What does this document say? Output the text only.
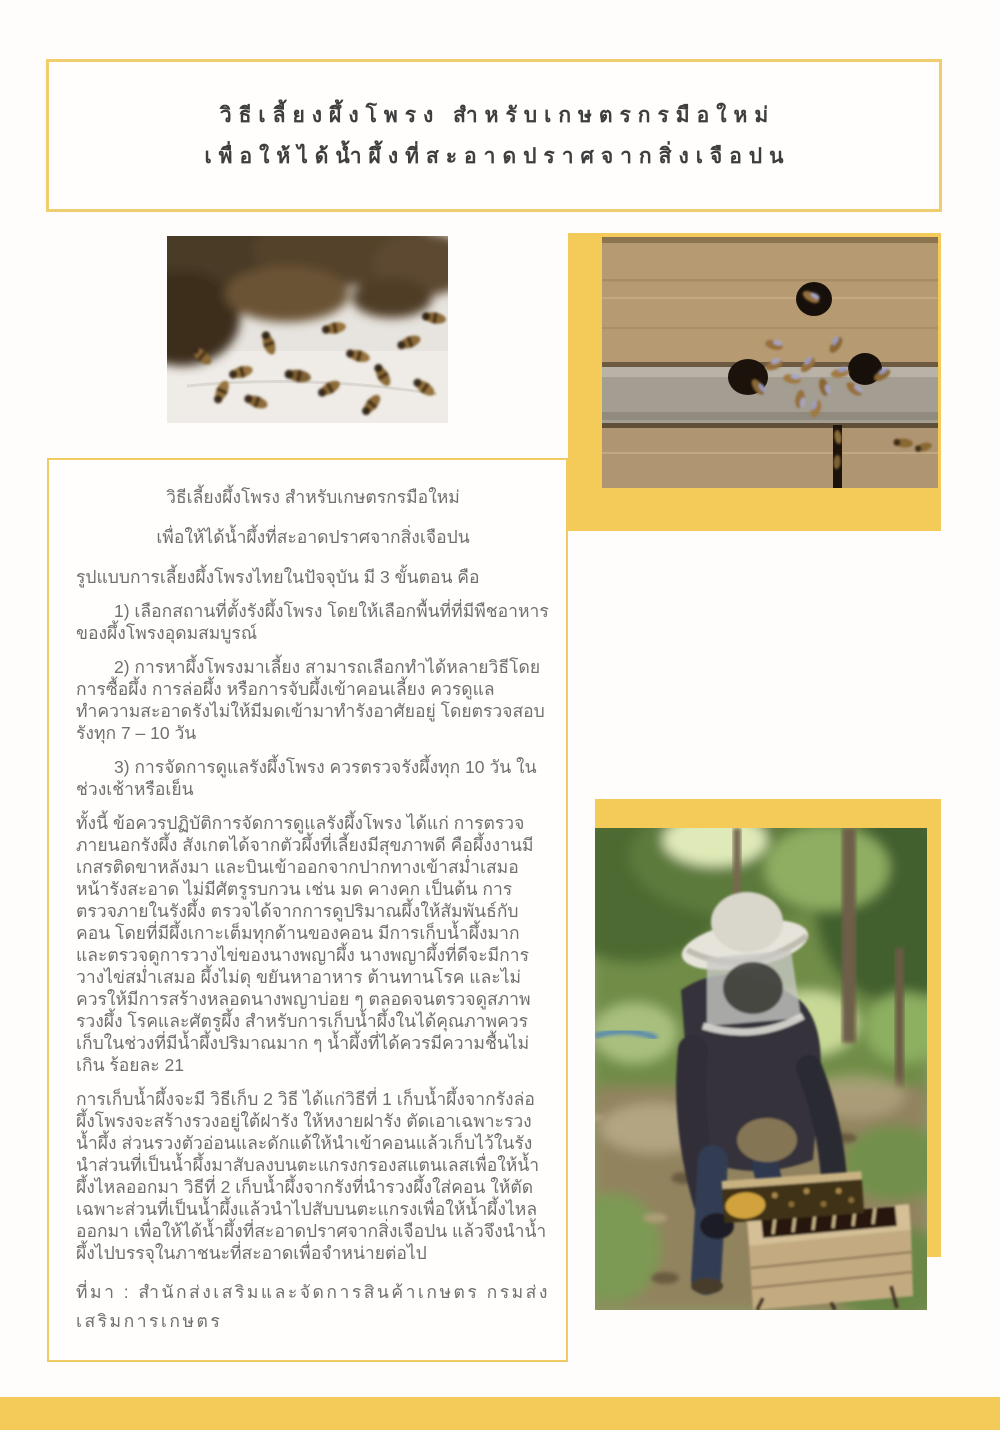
วิธีเลี้ยงผึ้งโพรง สำหรับเกษตรกรมือใหม่
เพื่อให้ได้น้ำผึ้งที่สะอาดปราศจากสิ่งเจือปน

วิธีเลี้ยงผึ้งโพรง สำหรับเกษตรกรมือใหม่

เพื่อให้ได้น้ำผึ้งที่สะอาดปราศจากสิ่งเจือปน

รูปแบบการเลี้ยงผึ้งโพรงไทยในปัจจุบัน มี 3 ขั้นตอน คือ

1) เลือกสถานที่ตั้งรังผึ้งโพรง โดยให้เลือกพื้นที่ที่มีพืชอาหารของผึ้งโพรงอุดมสมบูรณ์

2) การหาผึ้งโพรงมาเลี้ยง สามารถเลือกทำได้หลายวิธีโดยการซื้อผึ้ง การล่อผึ้ง หรือการจับผึ้งเข้าคอนเลี้ยง ควรดูแลทำความสะอาดรังไม่ให้มีมดเข้ามาทำรังอาศัยอยู่ โดยตรวจสอบรังทุก 7 – 10 วัน

3) การจัดการดูแลรังผึ้งโพรง ควรตรวจรังผึ้งทุก 10 วัน ในช่วงเช้าหรือเย็น

ทั้งนี้ ข้อควรปฏิบัติการจัดการดูแลรังผึ้งโพรง ได้แก่ การตรวจภายนอกรังผึ้ง สังเกตได้จากตัวผึ้งที่เลี้ยงมีสุขภาพดี คือผึ้งงานมีเกสรติดขาหลังมา และบินเข้าออกจากปากทางเข้าสม่ำเสมอ หน้ารังสะอาด ไม่มีศัตรูรบกวน เช่น มด คางคก เป็นต้น การตรวจภายในรังผึ้ง ตรวจได้จากการดูปริมาณผึ้งให้สัมพันธ์กับคอน โดยที่มีผึ้งเกาะเต็มทุกด้านของคอน มีการเก็บน้ำผึ้งมาก และตรวจดูการวางไข่ของนางพญาผึ้ง นางพญาผึ้งที่ดีจะมีการวางไข่สม่ำเสมอ ผึ้งไม่ดุ ขยันหาอาหาร ต้านทานโรค และไม่ควรให้มีการสร้างหลอดนางพญาบ่อย ๆ ตลอดจนตรวจดูสภาพรวงผึ้ง โรคและศัตรูผึ้ง สำหรับการเก็บน้ำผึ้งในได้คุณภาพควรเก็บในช่วงที่มีน้ำผึ้งปริมาณมาก ๆ น้ำผึ้งที่ได้ควรมีความชื้นไม่เกิน ร้อยละ 21

การเก็บน้ำผึ้งจะมี วิธีเก็บ 2 วิธี ได้แก่วิธีที่ 1 เก็บน้ำผึ้งจากรังล่อผึ้งโพรงจะสร้างรวงอยู่ใต้ฝารัง ให้หงายฝารัง ตัดเอาเฉพาะรวงน้ำผึ้ง ส่วนรวงตัวอ่อนและดักแด้ให้นำเข้าคอนแล้วเก็บไว้ในรัง นำส่วนที่เป็นน้ำผึ้งมาสับลงบนตะแกรงกรองสแตนเลสเพื่อให้น้ำผึ้งไหลออกมา วิธีที่ 2 เก็บน้ำผึ้งจากรังที่นำรวงผึ้งใส่คอน ให้ตัดเฉพาะส่วนที่เป็นน้ำผึ้งแล้วนำไปสับบนตะแกรงเพื่อให้น้ำผึ้งไหลออกมา เพื่อให้ได้น้ำผึ้งที่สะอาดปราศจากสิ่งเจือปน แล้วจึงนำน้ำผึ้งไปบรรจุในภาชนะที่สะอาดเพื่อจำหน่ายต่อไป

ที่มา : สำนักส่งเสริมและจัดการสินค้าเกษตร กรมส่งเสริมการเกษตร
